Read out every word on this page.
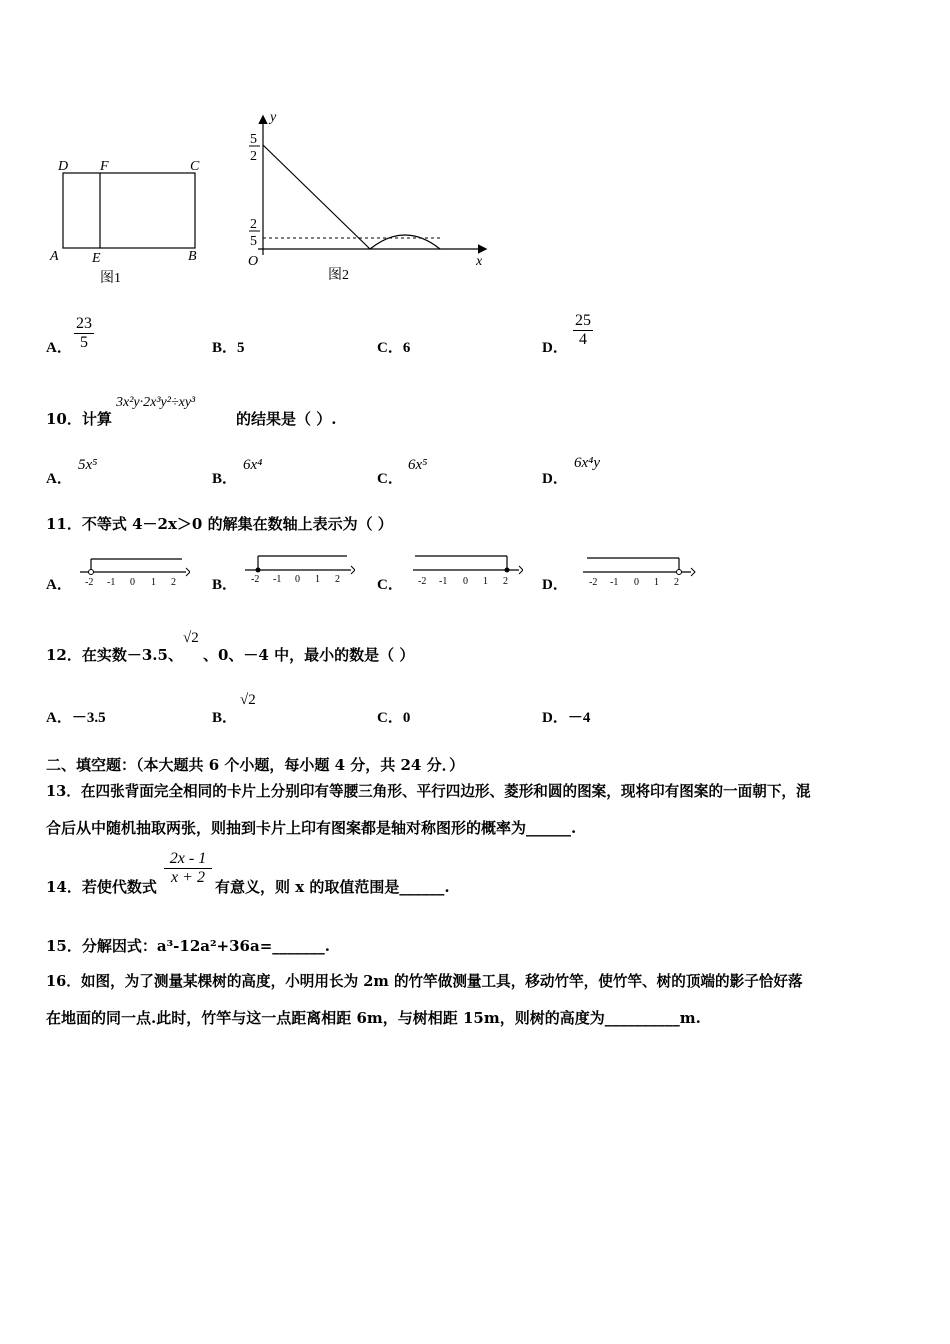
D F	C
A E	B
图1
y
x
O
5
2
2
5
图2
A． $\frac{23}{5}$	B．5	C．6	D． $\frac{25}{4}$
10．计算
3x²y·2x³y²÷xy³
的结果是（ ）.
A．
5x⁵
B．
6x⁴
C．
6x⁵
D．
6x⁴y
11．不等式 4－2x＞0 的解集在数轴上表示为（ ）
A． -2 -1 0 1 2 B． -2 -1 0 1 2 C． -2 -1 0 1 2 D． -2 -1 0 1 2
12．在实数－3.5、
√2
、0、－4 中，最小的数是（ ）
A．－3.5	B．
√2
C．0	D．－4
二、填空题：（本大题共 6 个小题，每小题 4 分，共 24 分．）
13．在四张背面完全相同的卡片上分别印有等腰三角形、平行四边形、菱形和圆的图案，现将印有图案的一面朝下，混
合后从中随机抽取两张，则抽到卡片上印有图案都是轴对称图形的概率为______.
14．若使代数式 $\frac{2x - 1}{x + 2}$ 有意义，则 x 的取值范围是______.
15．分解因式：a³-12a²+36a=_______.
16．如图，为了测量某棵树的高度，小明用长为 2m 的竹竿做测量工具，移动竹竿，使竹竿、树的顶端的影子恰好落
在地面的同一点.此时，竹竿与这一点距离相距 6m，与树相距 15m，则树的高度为__________m.
